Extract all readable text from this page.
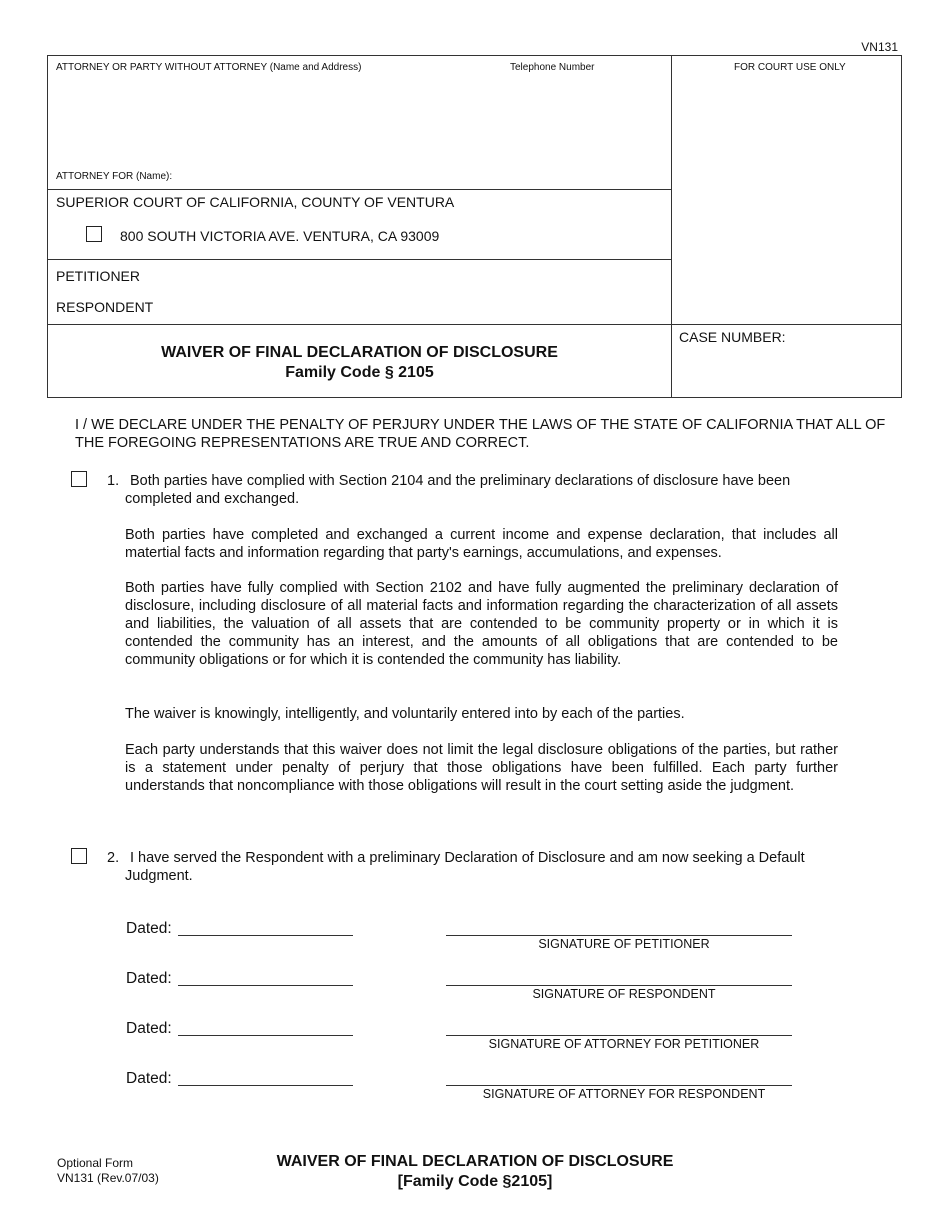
VN131
ATTORNEY OR PARTY WITHOUT ATTORNEY (Name and Address)	Telephone Number	FOR COURT USE ONLY
ATTORNEY FOR (Name):
SUPERIOR COURT OF CALIFORNIA, COUNTY OF VENTURA
800 SOUTH VICTORIA AVE. VENTURA, CA 93009
PETITIONER
RESPONDENT
CASE NUMBER:
WAIVER OF FINAL DECLARATION OF DISCLOSURE
Family Code § 2105
I / WE DECLARE UNDER THE PENALTY OF PERJURY UNDER THE LAWS OF THE STATE OF CALIFORNIA THAT ALL OF THE FOREGOING REPRESENTATIONS ARE TRUE AND CORRECT.
1. Both parties have complied with Section 2104 and the preliminary declarations of disclosure have been completed and exchanged.
Both parties have completed and exchanged a current income and expense declaration, that includes all matertial facts and information regarding that party's earnings, accumulations, and expenses.
Both parties have fully complied with Section 2102 and have fully augmented the preliminary declaration of disclosure, including disclosure of all material facts and information regarding the characterization of all assets and liabilities, the valuation of all assets that are contended to be community property or in which it is contended the community has an interest, and the amounts of all obligations that are contended to be community obligations or for which it is contended the community has liability.
The waiver is knowingly, intelligently, and voluntarily entered into by each of the parties.
Each party understands that this waiver does not limit the legal disclosure obligations of the parties, but rather is a statement under penalty of perjury that those obligations have been fulfilled. Each party further understands that noncompliance with those obligations will result in the court setting aside the judgment.
2. I have served the Respondent with a preliminary Declaration of Disclosure and am now seeking a Default Judgment.
Dated:
SIGNATURE OF PETITIONER
Dated:
SIGNATURE OF RESPONDENT
Dated:
SIGNATURE OF ATTORNEY FOR PETITIONER
Dated:
SIGNATURE OF ATTORNEY FOR RESPONDENT
Optional Form
VN131 (Rev.07/03)
WAIVER OF FINAL DECLARATION OF DISCLOSURE
[Family Code §2105]
